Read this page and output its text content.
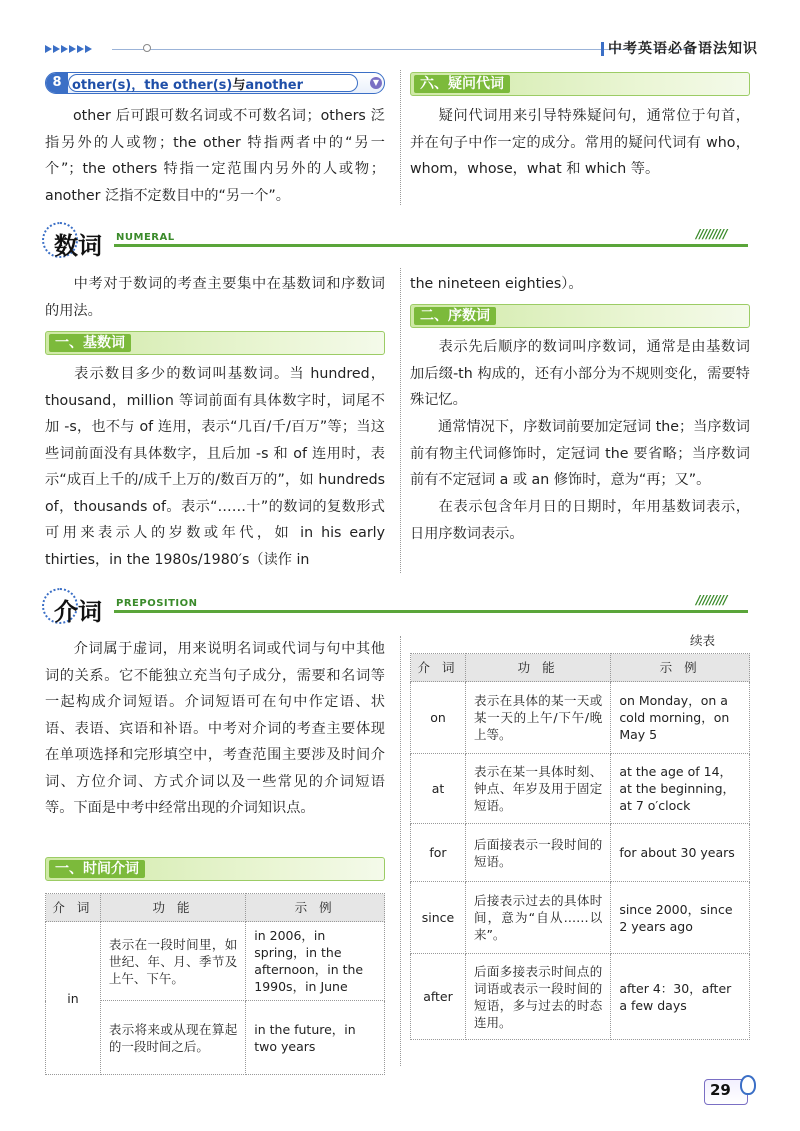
中考英语必备语法知识
8 other(s)，the other(s)与another	▼
other 后可跟可数名词或不可数名词；others 泛指另外的人或物；the other 特指两者中的“另一个”；the others 特指一定范围内另外的人或物；another 泛指不定数目中的“另一个”。
六、疑问代词
疑问代词用来引导特殊疑问句，通常位于句首，并在句子中作一定的成分。常用的疑问代词有 who，whom，whose，what 和 which 等。
数词 NUMERAL	/////////
中考对于数词的考查主要集中在基数词和序数词的用法。
一、基数词
表示数目多少的数词叫基数词。当 hundred，thousand，million 等词前面有具体数字时，词尾不加 -s，也不与 of 连用，表示“几百/千/百万”等；当这些词前面没有具体数字，且后加 -s 和 of 连用时，表示“成百上千的/成千上万的/数百万的”，如 hundreds of，thousands of。表示“……十”的数词的复数形式可用来表示人的岁数或年代，如 in his early thirties，in the 1980s/1980′s（读作 in
the nineteen eighties）。
二、序数词
表示先后顺序的数词叫序数词，通常是由基数词加后缀-th 构成的，还有小部分为不规则变化，需要特殊记忆。
通常情况下，序数词前要加定冠词 the；当序数词前有物主代词修饰时，定冠词 the 要省略；当序数词前有不定冠词 a 或 an 修饰时，意为“再；又”。
在表示包含年月日的日期时，年用基数词表示，日用序数词表示。
介词 PREPOSITION	/////////
介词属于虚词，用来说明名词或代词与句中其他词的关系。它不能独立充当句子成分，需要和名词等一起构成介词短语。介词短语可在句中作定语、状语、表语、宾语和补语。中考对介词的考查主要体现在单项选择和完形填空中，考查范围主要涉及时间介词、方位介词、方式介词以及一些常见的介词短语等。下面是中考中经常出现的介词知识点。
一、时间介词
介 词	功 能	示 例
in	表示在一段时间里，如世纪、年、月、季节及上午、下午。	in 2006，in spring，in the afternoon，in the 1990s，in June
	表示将来或从现在算起的一段时间之后。	in the future，in two years
续表
介 词	功 能	示 例
on	表示在具体的某一天或某一天的上午/下午/晚上等。	on Monday，on a cold morning，on May 5
at	表示在某一具体时刻、钟点、年岁及用于固定短语。	at the age of 14，at the beginning，at 7 o′clock
for	后面接表示一段时间的短语。	for about 30 years
since	后接表示过去的具体时间，意为“自从……以来”。	since 2000，since 2 years ago
after	后面多接表示时间点的词语或表示一段时间的短语，多与过去的时态连用。	after 4：30，after a few days
29
